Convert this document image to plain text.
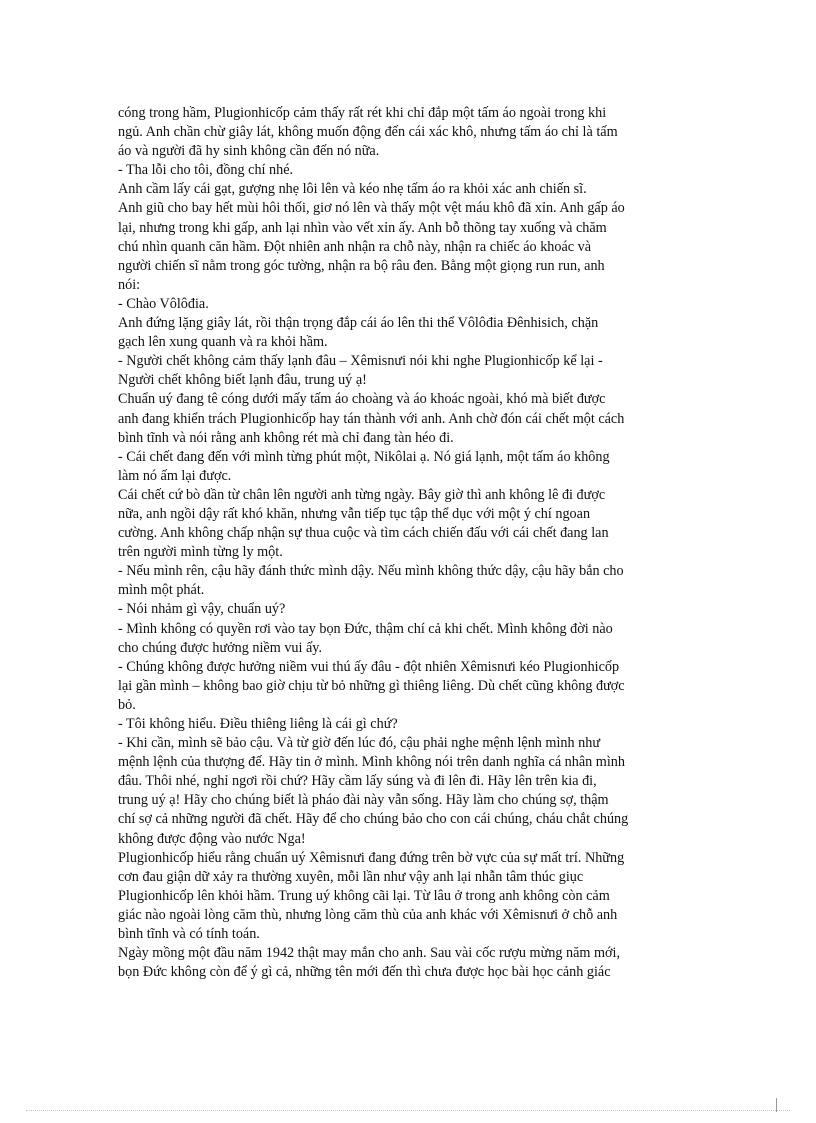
cóng trong hầm, Plugionhicốp cảm thấy rất rét khi chỉ đắp một tấm áo ngoài trong khi
ngủ. Anh chần chừ giây lát, không muốn động đến cái xác khô, nhưng tấm áo chỉ là tấm
áo và người đã hy sinh không cần đến nó nữa.
- Tha lỗi cho tôi, đồng chí nhé.
Anh cầm lấy cái gạt, gượng nhẹ lôi lên và kéo nhẹ tấm áo ra khỏi xác anh chiến sĩ.
Anh giũ cho bay hết mùi hôi thối, giơ nó lên và thấy một vệt máu khô đã xỉn. Anh gấp áo
lại, nhưng trong khi gấp, anh lại nhìn vào vết xỉn ấy. Anh bỗ thõng tay xuống và chăm
chú nhìn quanh căn hầm. Đột nhiên anh nhận ra chỗ này, nhận ra chiếc áo khoác và
người chiến sĩ nằm trong góc tường, nhận ra bộ râu đen. Bằng một giọng run run, anh
nói:
- Chào Vôlôđia.
Anh đứng lặng giây lát, rồi thận trọng đắp cái áo lên thi thể Vôlôđia Đênhisich, chặn
gạch lên xung quanh và ra khỏi hầm.
- Người chết không cảm thấy lạnh đâu – Xêmisnưi nói khi nghe Plugionhicốp kể lại -
Người chết không biết lạnh đâu, trung uý ạ!
Chuẩn uý đang tê cóng dưới mấy tấm áo choàng và áo khoác ngoài, khó mà biết được
anh đang khiển trách Plugionhicốp hay tán thành với anh. Anh chờ đón cái chết một cách
bình tĩnh và nói rằng anh không rét mà chỉ đang tàn héo đi.
- Cái chết đang đến với mình từng phút một, Nikôlai ạ. Nó giá lạnh, một tấm áo không
làm nó ấm lại được.
Cái chết cứ bò dần từ chân lên người anh từng ngày. Bây giờ thì anh không lê đi được
nữa, anh ngồi dậy rất khó khăn, nhưng vẫn tiếp tục tập thể dục với một ý chí ngoan
cường. Anh không chấp nhận sự thua cuộc và tìm cách chiến đấu với cái chết đang lan
trên người mình từng ly một.
- Nếu mình rên, cậu hãy đánh thức mình dậy. Nếu mình không thức dậy, cậu hãy bắn cho
mình một phát.
- Nói nhảm gì vậy, chuẩn uý?
- Mình không có quyền rơi vào tay bọn Đức, thậm chí cả khi chết. Mình không đời nào
cho chúng được hưởng niềm vui ấy.
- Chúng không được hưởng niềm vui thú ấy đâu - đột nhiên Xêmisnưi kéo Plugionhicốp
lại gần mình – không bao giờ chịu từ bỏ những gì thiêng liêng. Dù chết cũng không được
bỏ.
- Tôi không hiểu. Điều thiêng liêng là cái gì chứ?
- Khi cần, mình sẽ bảo cậu. Và từ giờ đến lúc đó, cậu phải nghe mệnh lệnh mình như
mệnh lệnh của thượng đế. Hãy tin ở mình. Mình không nói trên danh nghĩa cá nhân mình
đâu. Thôi nhé, nghỉ ngơi rồi chứ? Hãy cầm lấy súng và đi lên đi. Hãy lên trên kia đi,
trung uý ạ! Hãy cho chúng biết là pháo đài này vẫn sống. Hãy làm cho chúng sợ, thậm
chí sợ cả những người đã chết. Hãy để cho chúng bảo cho con cái chúng, cháu chắt chúng
không được động vào nước Nga!
Plugionhicốp hiểu rằng chuẩn uý Xêmisnưi đang đứng trên bờ vực của sự mất trí. Những
cơn đau giận dữ xảy ra thường xuyên, mỗi lần như vậy anh lại nhẫn tâm thúc giục
Plugionhicốp lên khỏi hầm. Trung uý không cãi lại. Từ lâu ở trong anh không còn cảm
giác nào ngoài lòng căm thù, nhưng lòng căm thù của anh khác với Xêmisnưi ở chỗ anh
bình tĩnh và có tính toán.
Ngày mồng một đầu năm 1942 thật may mắn cho anh. Sau vài cốc rượu mừng năm mới,
bọn Đức không còn để ý gì cả, những tên mới đến thì chưa được học bài học cảnh giác
